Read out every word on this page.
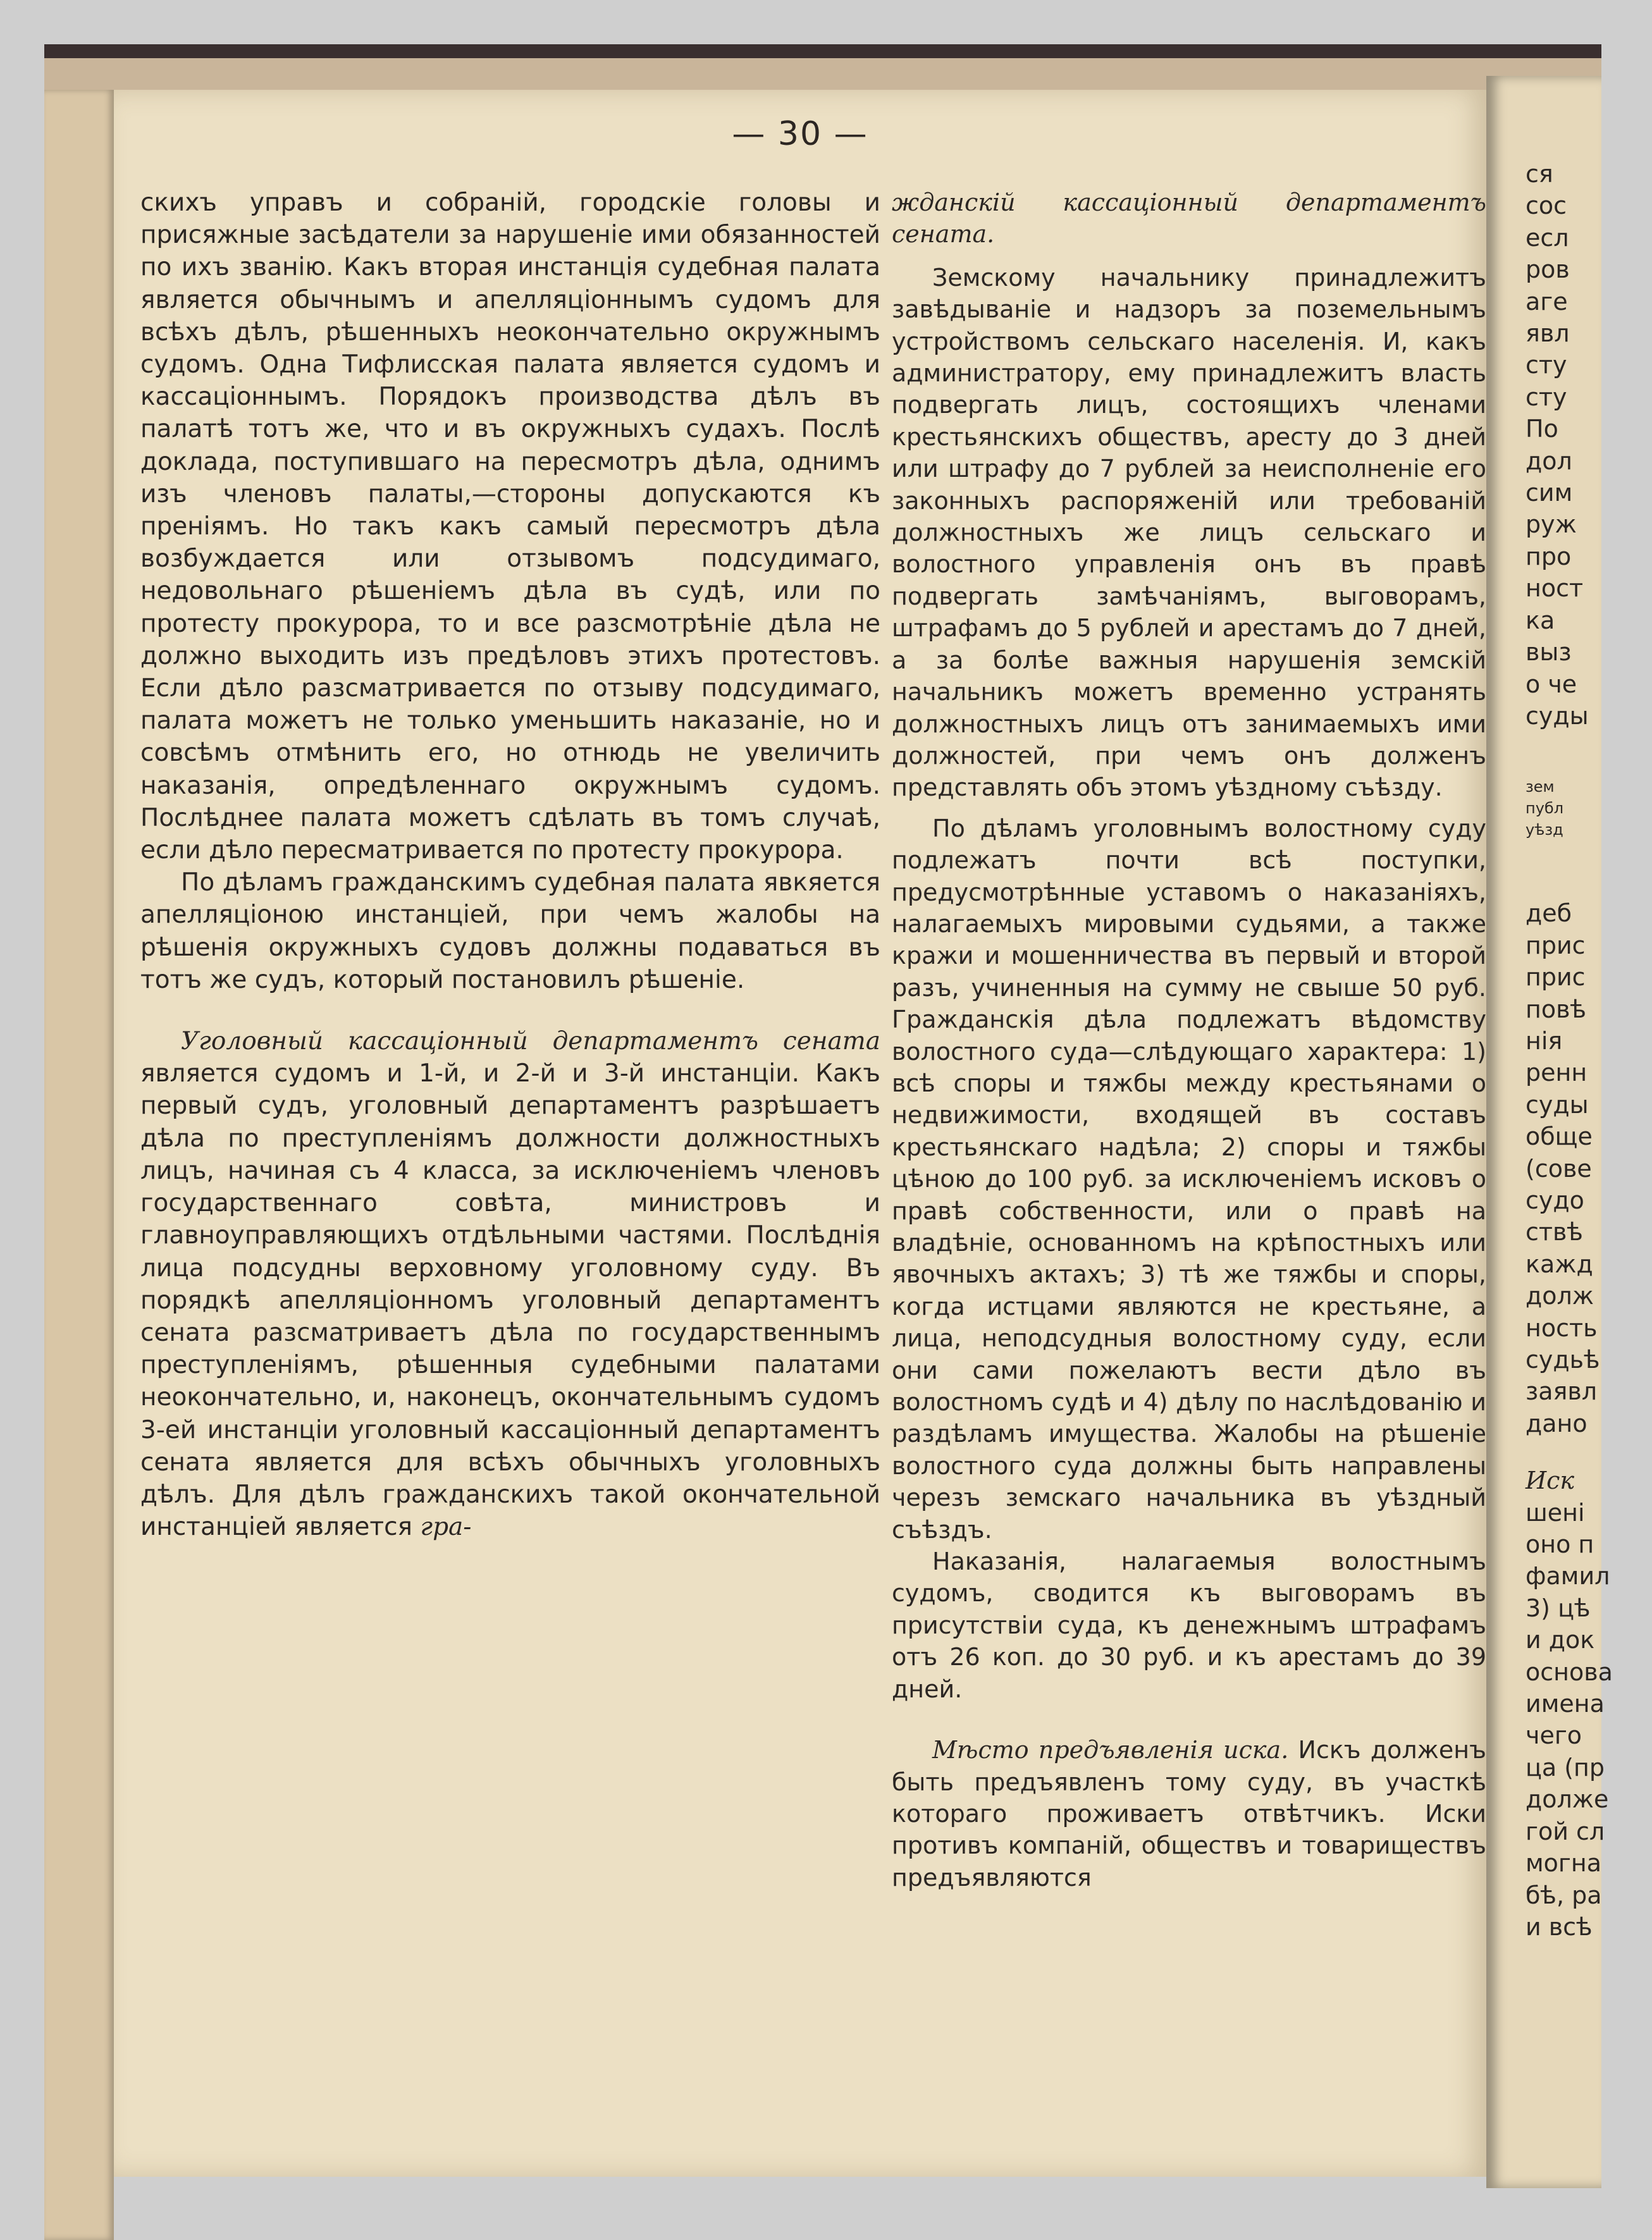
— 30 —

скихъ управъ и собраній, городскіе головы и присяжные засѣдатели за нарушеніе ими обязанностей по ихъ званію. Какъ вторая инстанція судебная палата является обычнымъ и апелляціоннымъ судомъ для всѣхъ дѣлъ, рѣшенныхъ неокончательно окружнымъ судомъ. Одна Тифлисская палата является судомъ и кассаціоннымъ. Порядокъ производства дѣлъ въ палатѣ тотъ же, что и въ окружныхъ судахъ. Послѣ доклада, поступившаго на пересмотръ дѣла, однимъ изъ членовъ палаты,—стороны допускаются къ преніямъ. Но такъ какъ самый пересмотръ дѣла возбуждается или отзывомъ подсудимаго, недовольнаго рѣшеніемъ дѣла въ судѣ, или по протесту прокурора, то и все разсмотрѣніе дѣла не должно выходить изъ предѣловъ этихъ протестовъ. Если дѣло разсматривается по отзыву подсудимаго, палата можетъ не только уменьшить наказаніе, но и совсѣмъ отмѣнить его, но отнюдь не увеличить наказанія, опредѣленнаго окружнымъ судомъ. Послѣднее палата можетъ сдѣлать въ томъ случаѣ, если дѣло пересматривается по протесту прокурора.

По дѣламъ гражданскимъ судебная палата явкяется апелляціоною инстанціей, при чемъ жалобы на рѣшенія окружныхъ судовъ должны подаваться въ тотъ же судъ, который постановилъ рѣшеніе.

Уголовный кассаціонный департаментъ сената является судомъ и 1-й, и 2-й и 3-й инстанціи. Какъ первый судъ, уголовный департаментъ разрѣшаетъ дѣла по преступленіямъ должности должностныхъ лицъ, начиная съ 4 класса, за исключеніемъ членовъ государственнаго совѣта, министровъ и главноуправляющихъ отдѣльными частями. Послѣднія лица подсудны верховному уголовному суду. Въ порядкѣ апелляціонномъ уголовный департаментъ сената разсматриваетъ дѣла по государственнымъ преступленіямъ, рѣшенныя судебными палатами неокончательно, и, наконецъ, окончательнымъ судомъ 3-ей инстанціи уголовный кассаціонный департаментъ сената является для всѣхъ обычныхъ уголовныхъ дѣлъ. Для дѣлъ гражданскихъ такой окончательной инстанціей является гра-

жданскій кассаціонный департаментъ сената.

Земскому начальнику принадлежитъ завѣдываніе и надзоръ за поземельнымъ устройствомъ сельскаго населенія. И, какъ администратору, ему принадлежитъ власть подвергать лицъ, состоящихъ членами крестьянскихъ обществъ, аресту до 3 дней или штрафу до 7 рублей за неисполненіе его законныхъ распоряженій или требованій должностныхъ же лицъ сельскаго и волостного управленія онъ въ правѣ подвергать замѣчаніямъ, выговорамъ, штрафамъ до 5 рублей и арестамъ до 7 дней, а за болѣе важныя нарушенія земскій начальникъ можетъ временно устранять должностныхъ лицъ отъ занимаемыхъ ими должностей, при чемъ онъ долженъ представлять объ этомъ уѣздному съѣзду.

По дѣламъ уголовнымъ волостному суду подлежатъ почти всѣ поступки, предусмотрѣнные уставомъ о наказаніяхъ, налагаемыхъ мировыми судьями, а также кражи и мошенничества въ первый и второй разъ, учиненныя на сумму не свыше 50 руб. Гражданскія дѣла подлежатъ вѣдомству волостного суда—слѣдующаго характера: 1) всѣ споры и тяжбы между крестьянами о недвижимости, входящей въ составъ крестьянскаго надѣла; 2) споры и тяжбы цѣною до 100 руб. за исключеніемъ исковъ о правѣ собственности, или о правѣ на владѣніе, основанномъ на крѣпостныхъ или явочныхъ актахъ; 3) тѣ же тяжбы и споры, когда истцами являются не крестьяне, а лица, неподсудныя волостному суду, если они сами пожелаютъ вести дѣло въ волостномъ судѣ и 4) дѣлу по наслѣдованію и раздѣламъ имущества. Жалобы на рѣшеніе волостного суда должны быть направлены черезъ земскаго начальника въ уѣздный съѣздъ.

Наказанія, налагаемыя волостнымъ судомъ, сводится къ выговорамъ въ присутствіи суда, къ денежнымъ штрафамъ отъ 26 коп. до 30 руб. и къ арестамъ до 39 дней.

Мѣсто предъявленія иска. Искъ долженъ быть предъявленъ тому суду, въ участкѣ котораго проживаетъ отвѣтчикъ. Иски противъ компаній, обществъ и товариществъ предъявляются

ся
сос
есл
ров
аге
явл
сту
сту
По
дол
сим
руж
про
ност
ка
выз
о че
суды
зем
публ
уѣзд
деб
прис
прис
повѣ
нія
ренн
суды
обще
(сове
судо
ствѣ
кажд
долж
ность
судьѣ
заявл
дано
Иск
шені
оно п
фамил
3) цѣ
и док
основа
имена
чего
ца (пр
долже
гой сл
могна
бѣ, ра
и всѣ
